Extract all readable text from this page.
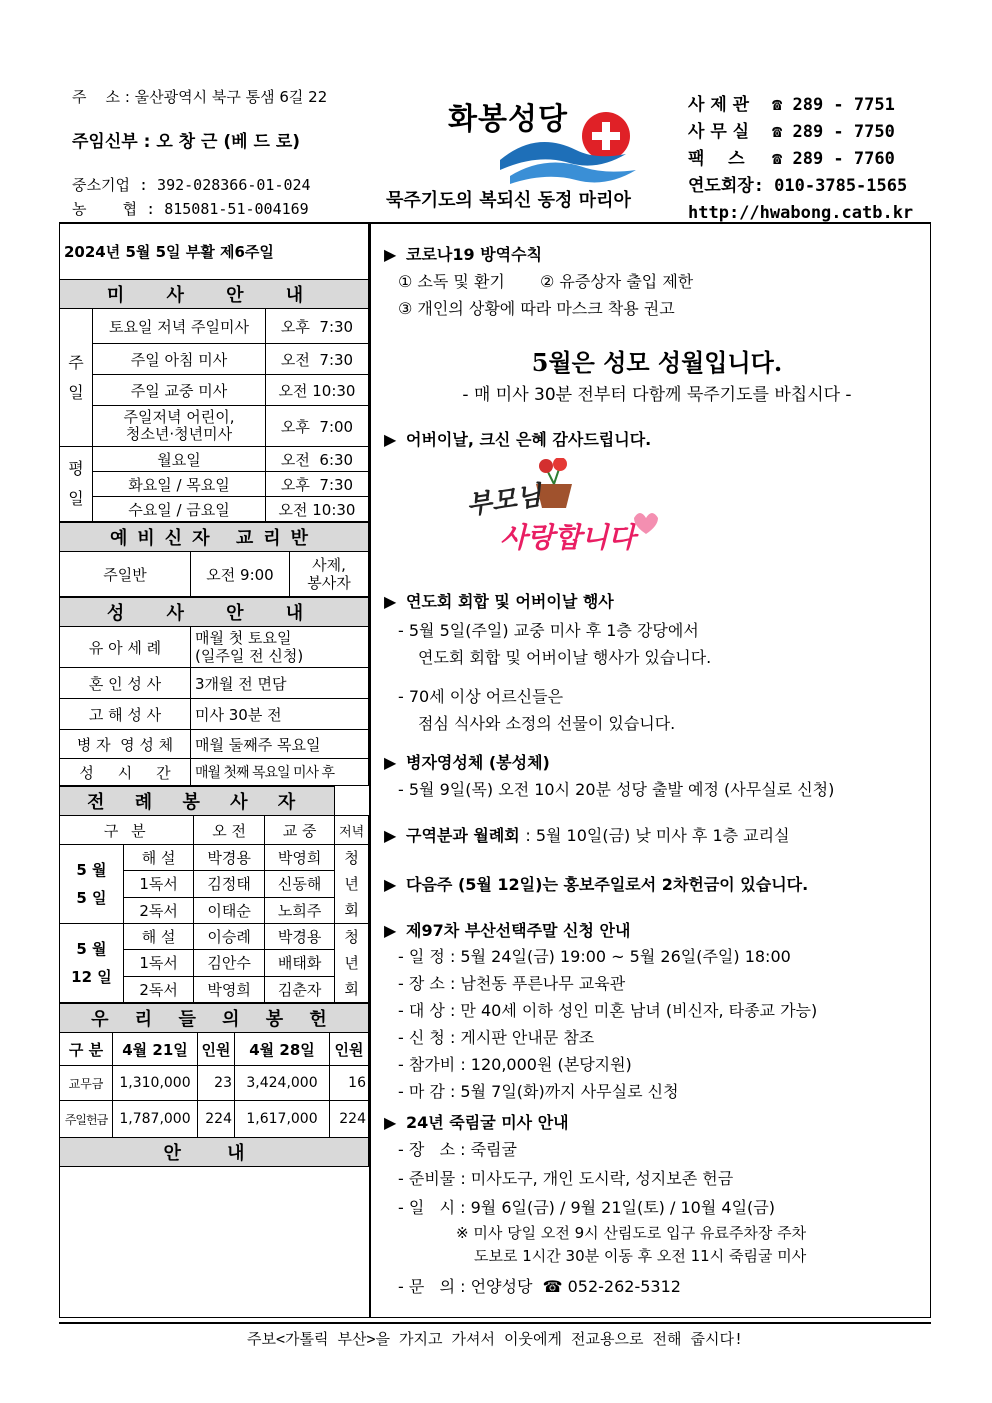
주    소 : 울산광역시 북구 통샘 6길 22
주임신부 : 오 창 근 (베 드 로)
중소기업 : 392-028366-01-024
농    협 : 815081-51-004169
화봉성당
묵주기도의 복되신 동정 마리아
사 제 관 ☎ 289 - 7751
사 무 실 ☎ 289 - 7750
팩    스 ☎ 289 - 7760
연도회장: 010-3785-1565
http://hwabong.catb.kr
2024년 5월 5일 부활 제6주일		
미 사 안 내		
주
일	토요일 저녁 주일미사	오후  7:30
	주일 아침 미사	오전  7:30
	주일 교중 미사	오전 10:30
	주일저녁 어린이,
청소년·청년미사	오후  7:00
평
일	월요일	오전  6:30
	화요일 / 목요일	오후  7:30
	수요일 / 금요일	오전 10:30
예비신자 교리반
주일반	오전 9:00	사제,
봉사자
성 사 안 내	
유 아 세 례	매월 첫 토요일
(일주일 전 신청)
혼 인 성 사	3개월 전 면담
고 해 성 사	미사 30분 전
병 자  영 성 체	매월 둘째주 목요일
성     시     간	매월 첫째 목요일 미사 후
전 례 봉 사 자				
구 분		오 전	교 중	저녁
5 월
5 일	해 설	박경용	박영희	청
년
회
	1독서	김정태	신동해	
	2독서	이태순	노희주	
5 월
12 일	해 설	이승례	박경용	청
년
회
	1독서	김안수	배태화	
	2독서	박영희	김춘자	
우 리 들 의 봉 헌				
구 분	4월 21일	인원	4월 28일	인원
교무금	1,310,000	23	3,424,000	16
주일헌금	1,787,000	224	1,617,000	224
안 내				
▶ 코로나19 방역수칙
① 소독 및 환기 ② 유증상자 출입 제한
③ 개인의 상황에 따라 마스크 착용 권고
5월은 성모 성월입니다.
- 매 미사 30분 전부터 다함께 묵주기도를 바칩시다 -
▶ 어버이날, 크신 은혜 감사드립니다.
부모님
사랑합니다
▶ 연도회 회합 및 어버이날 행사
- 5월 5일(주일) 교중 미사 후 1층 강당에서
연도회 회합 및 어버이날 행사가 있습니다.
- 70세 이상 어르신들은
점심 식사와 소정의 선물이 있습니다.
▶ 병자영성체 (봉성체)
- 5월 9일(목) 오전 10시 20분 성당 출발 예정 (사무실로 신청)
▶ 구역분과 월례회 : 5월 10일(금) 낮 미사 후 1층 교리실
▶ 다음주 (5월 12일)는 홍보주일로서 2차헌금이 있습니다.
▶ 제97차 부산선택주말 신청 안내
- 일 정 : 5월 24일(금) 19:00 ~ 5월 26일(주일) 18:00
- 장 소 : 남천동 푸른나무 교육관
- 대 상 : 만 40세 이하 성인 미혼 남녀 (비신자, 타종교 가능)
- 신 청 : 게시판 안내문 참조
- 참가비 : 120,000원 (본당지원)
- 마 감 : 5월 7일(화)까지 사무실로 신청
▶ 24년 죽림굴 미사 안내
- 장   소 : 죽림굴
- 준비물 : 미사도구, 개인 도시락, 성지보존 헌금
- 일   시 : 9월 6일(금) / 9월 21일(토) / 10월 4일(금)
※ 미사 당일 오전 9시 산림도로 입구 유료주차장 주차
도보로 1시간 30분 이동 후 오전 11시 죽림굴 미사
- 문   의 : 언양성당  ☎ 052-262-5312
주보<가톨릭 부산>을 가지고 가셔서 이웃에게 전교용으로 전해 줍시다!
